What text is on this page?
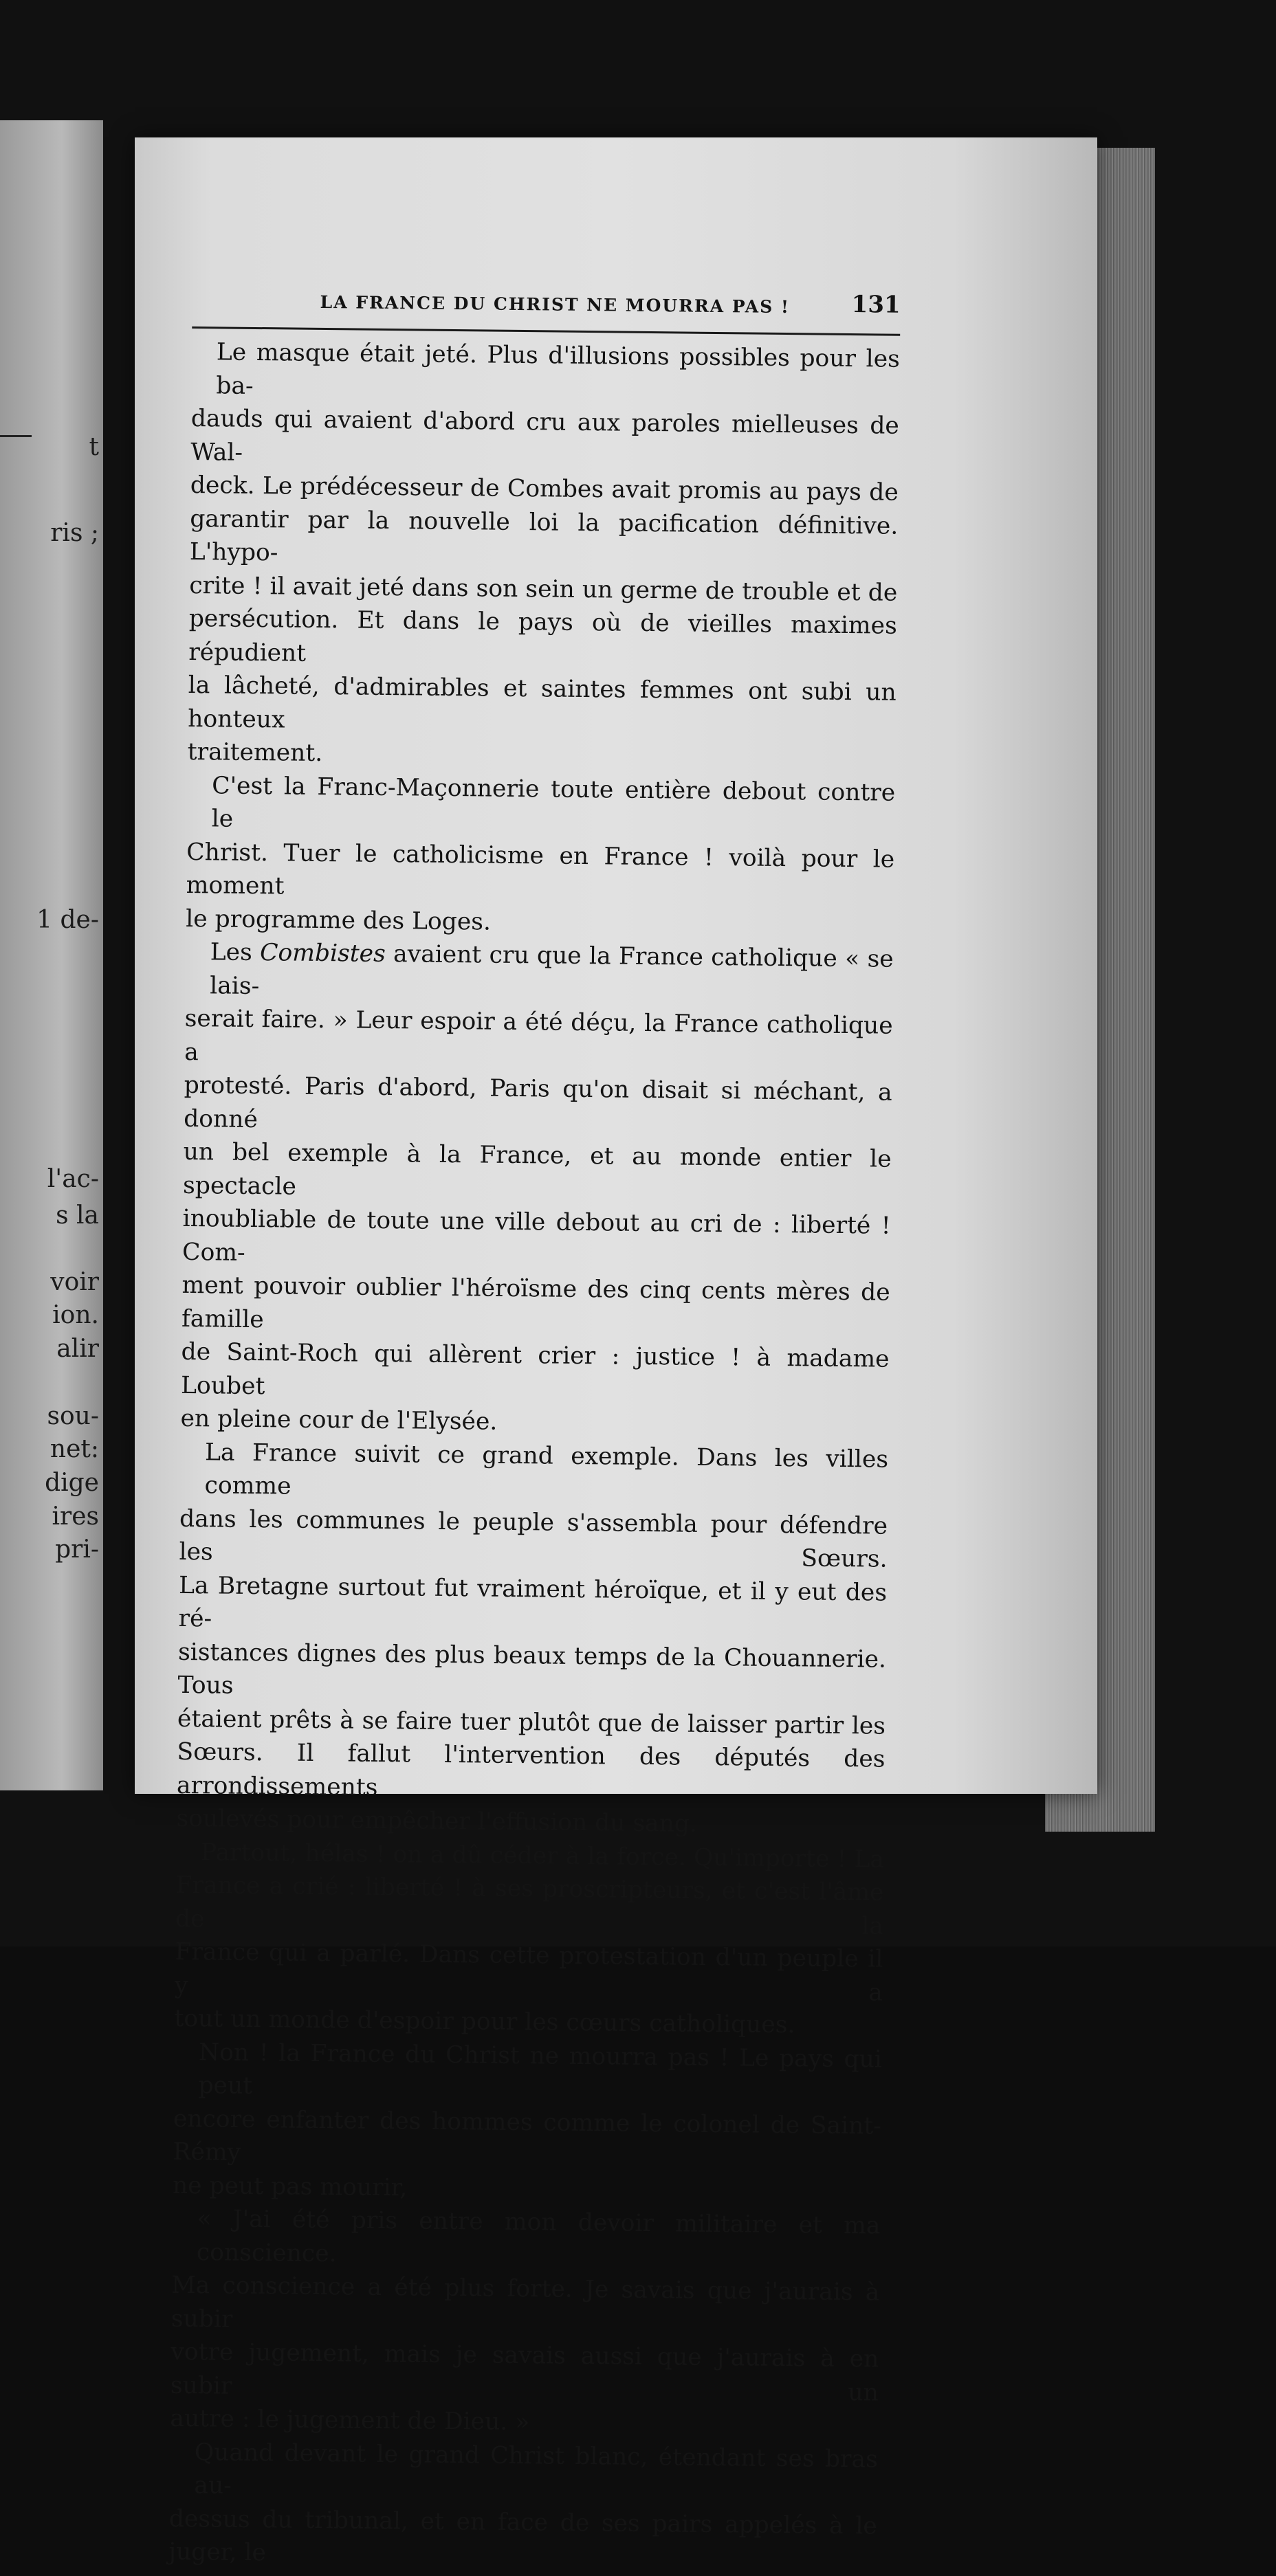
t

ris ;

1 de-

l'ac-

s la

voir

ion.

alir

sou-

net:

dige

ires

pri-

LA FRANCE DU CHRIST NE MOURRA PAS !	131

Le masque était jeté. Plus d'illusions possibles pour les ba-
dauds qui avaient d'abord cru aux paroles mielleuses de Wal-
deck. Le prédécesseur de Combes avait promis au pays de
garantir par la nouvelle loi la pacification définitive. L'hypo-
crite ! il avait jeté dans son sein un germe de trouble et de
persécution. Et dans le pays où de vieilles maximes répudient
la lâcheté, d'admirables et saintes femmes ont subi un honteux
traitement.

C'est la Franc-Maçonnerie toute entière debout contre le
Christ. Tuer le catholicisme en France ! voilà pour le moment
le programme des Loges.

Les Combistes avaient cru que la France catholique « se lais-
serait faire. » Leur espoir a été déçu, la France catholique a
protesté. Paris d'abord, Paris qu'on disait si méchant, a donné
un bel exemple à la France, et au monde entier le spectacle
inoubliable de toute une ville debout au cri de : liberté ! Com-
ment pouvoir oublier l'héroïsme des cinq cents mères de famille
de Saint-Roch qui allèrent crier : justice ! à madame Loubet
en pleine cour de l'Elysée.

La France suivit ce grand exemple. Dans les villes comme
dans les communes le peuple s'assembla pour défendre les Sœurs.
La Bretagne surtout fut vraiment héroïque, et il y eut des ré-
sistances dignes des plus beaux temps de la Chouannerie. Tous
étaient prêts à se faire tuer plutôt que de laisser partir les
Sœurs. Il fallut l'intervention des députés des arrondissements
soulevés pour empêcher l'effusion du sang.

Partout, hélas ! on a dû céder à la force. Qu'importe ! La
France a crié : liberté ! à ses proscripteurs, et c'est l'âme de la
France qui a parlé. Dans cette protestation d'un peuple il y a
tout un monde d'espoir pour les cœurs catholiques.

Non ! la France du Christ ne mourra pas ! Le pays qui peut
encore enfanter des hommes comme le colonel de Saint-Rémy
ne peut pas mourir,

« J'ai été pris entre mon devoir militaire et ma conscience.
Ma conscience a été plus forte. Je savais que j'aurais à subir
votre jugement, mais je savais aussi que j'aurais à en subir un
autre : le jugement de Dieu. »

Quand devant le grand Christ blanc, étendant ses bras au-
dessus du tribunal, et en face de ses pairs appelés à le juger, le
